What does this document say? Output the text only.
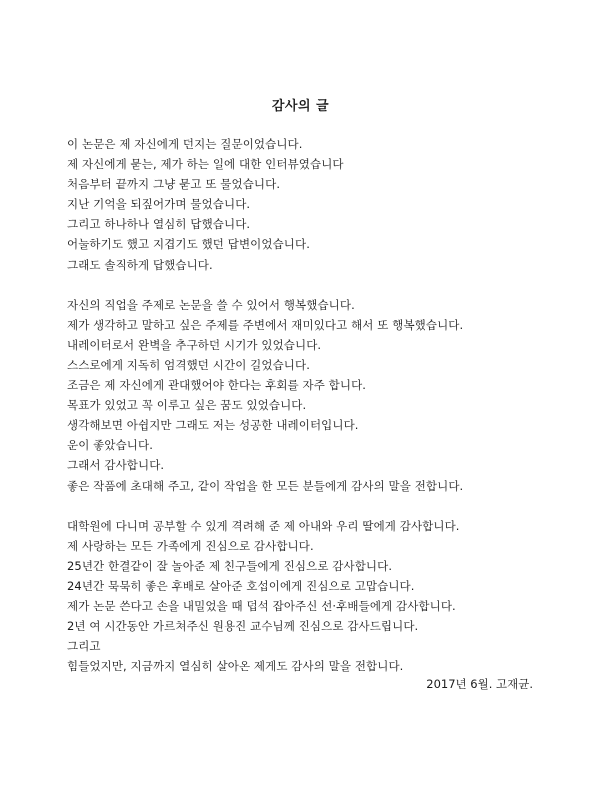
감사의 글

이 논문은 제 자신에게 던지는 질문이었습니다.
제 자신에게 묻는, 제가 하는 일에 대한 인터뷰였습니다
처음부터 끝까지 그냥 묻고 또 물었습니다.
지난 기억을 되짚어가며 물었습니다.
그리고 하나하나 열심히 답했습니다.
어눌하기도 했고 지겹기도 했던 답변이었습니다.
그래도 솔직하게 답했습니다.

자신의 직업을 주제로 논문을 쓸 수 있어서 행복했습니다.
제가 생각하고 말하고 싶은 주제를 주변에서 재미있다고 해서 또 행복했습니다.
내레이터로서 완벽을 추구하던 시기가 있었습니다.
스스로에게 지독히 엄격했던 시간이 길었습니다.
조금은 제 자신에게 관대했어야 한다는 후회를 자주 합니다.
목표가 있었고 꼭 이루고 싶은 꿈도 있었습니다.
생각해보면 아쉽지만 그래도 저는 성공한 내레이터입니다.
운이 좋았습니다.
그래서 감사합니다.
좋은 작품에 초대해 주고, 같이 작업을 한 모든 분들에게 감사의 말을 전합니다.

대학원에 다니며 공부할 수 있게 격려해 준 제 아내와 우리 딸에게 감사합니다.
제 사랑하는 모든 가족에게 진심으로 감사합니다.
25년간 한결같이 잘 놀아준 제 친구들에게 진심으로 감사합니다.
24년간 묵묵히 좋은 후배로 살아준 호섭이에게 진심으로 고맙습니다.
제가 논문 쓴다고 손을 내밀었을 때 덥석 잡아주신 선·후배들에게 감사합니다.
2년 여 시간동안 가르쳐주신 원용진 교수님께 진심으로 감사드립니다.
그리고
힘들었지만, 지금까지 열심히 살아온 제게도 감사의 말을 전합니다.

2017년 6월. 고재균.
